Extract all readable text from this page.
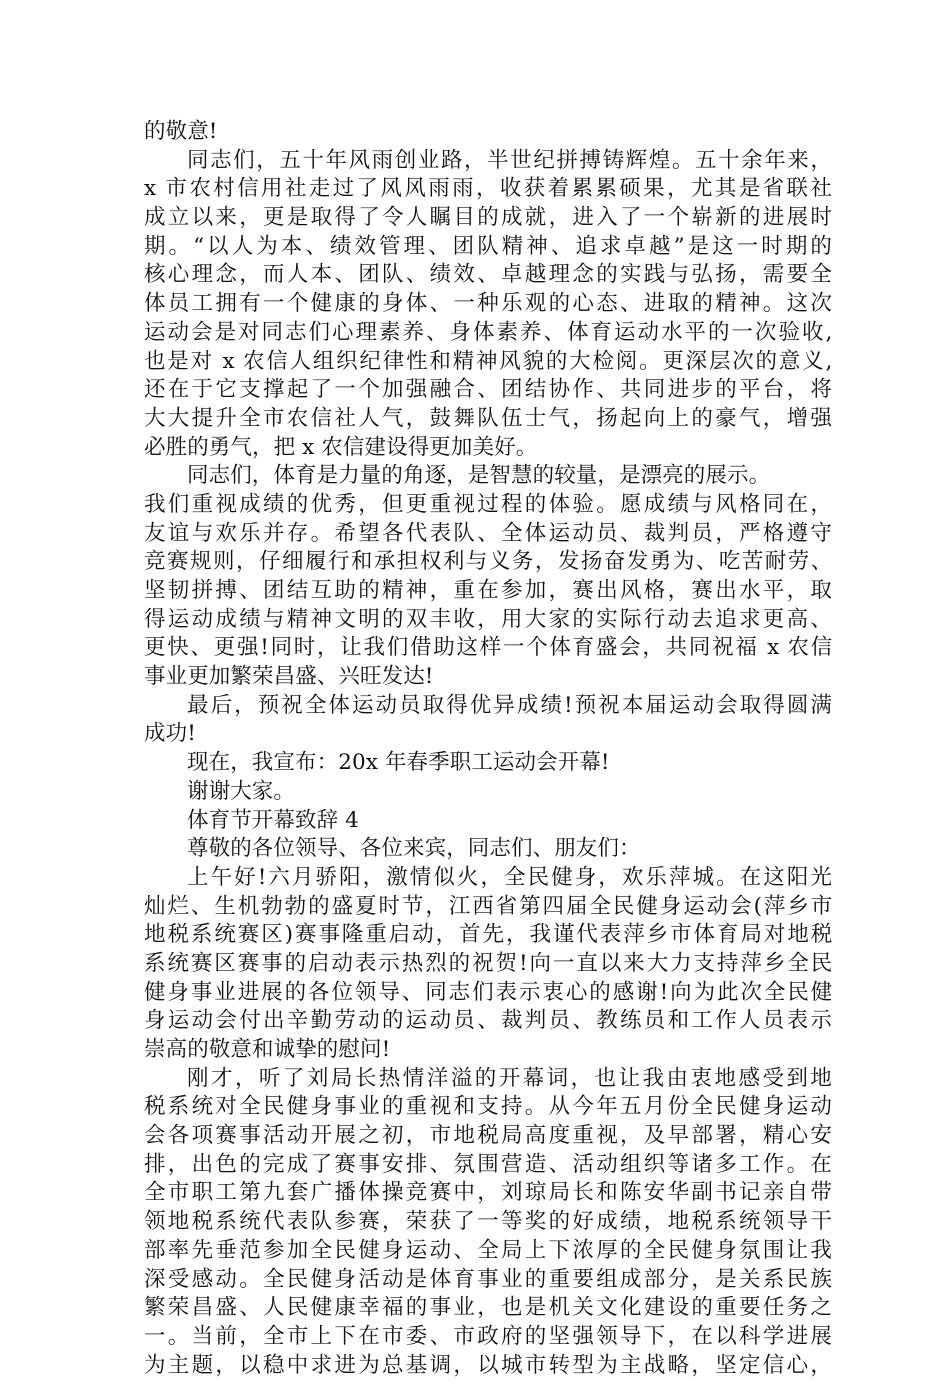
的敬意!
同志们，五十年风雨创业路，半世纪拼搏铸辉煌。五十余年来，
x 市农村信用社走过了风风雨雨，收获着累累硕果，尤其是省联社
成立以来，更是取得了令人瞩目的成就，进入了一个崭新的进展时
期。“以人为本、绩效管理、团队精神、追求卓越”是这一时期的
核心理念，而人本、团队、绩效、卓越理念的实践与弘扬，需要全
体员工拥有一个健康的身体、一种乐观的心态、进取的精神。这次
运动会是对同志们心理素养、身体素养、体育运动水平的一次验收,
也是对 x 农信人组织纪律性和精神风貌的大检阅。更深层次的意义,
还在于它支撑起了一个加强融合、团结协作、共同进步的平台，将
大大提升全市农信社人气，鼓舞队伍士气，扬起向上的豪气，增强
必胜的勇气，把 x 农信建设得更加美好。
同志们，体育是力量的角逐，是智慧的较量，是漂亮的展示。
我们重视成绩的优秀，但更重视过程的体验。愿成绩与风格同在，
友谊与欢乐并存。希望各代表队、全体运动员、裁判员，严格遵守
竞赛规则，仔细履行和承担权利与义务，发扬奋发勇为、吃苦耐劳、
坚韧拼搏、团结互助的精神，重在参加，赛出风格，赛出水平，取
得运动成绩与精神文明的双丰收，用大家的实际行动去追求更高、
更快、更强!同时，让我们借助这样一个体育盛会，共同祝福 x 农信
事业更加繁荣昌盛、兴旺发达!
最后，预祝全体运动员取得优异成绩!预祝本届运动会取得圆满
成功!
现在，我宣布：20x 年春季职工运动会开幕!
谢谢大家。
体育节开幕致辞 4
尊敬的各位领导、各位来宾，同志们、朋友们：
上午好!六月骄阳，激情似火，全民健身，欢乐萍城。在这阳光
灿烂、生机勃勃的盛夏时节，江西省第四届全民健身运动会(萍乡市
地税系统赛区)赛事隆重启动，首先，我谨代表萍乡市体育局对地税
系统赛区赛事的启动表示热烈的祝贺!向一直以来大力支持萍乡全民
健身事业进展的各位领导、同志们表示衷心的感谢!向为此次全民健
身运动会付出辛勤劳动的运动员、裁判员、教练员和工作人员表示
崇高的敬意和诚挚的慰问!
刚才，听了刘局长热情洋溢的开幕词，也让我由衷地感受到地
税系统对全民健身事业的重视和支持。从今年五月份全民健身运动
会各项赛事活动开展之初，市地税局高度重视，及早部署，精心安
排，出色的完成了赛事安排、氛围营造、活动组织等诸多工作。在
全市职工第九套广播体操竞赛中，刘琼局长和陈安华副书记亲自带
领地税系统代表队参赛，荣获了一等奖的好成绩，地税系统领导干
部率先垂范参加全民健身运动、全局上下浓厚的全民健身氛围让我
深受感动。全民健身活动是体育事业的重要组成部分，是关系民族
繁荣昌盛、人民健康幸福的事业，也是机关文化建设的重要任务之
一。当前，全市上下在市委、市政府的坚强领导下，在以科学进展
为主题，以稳中求进为总基调，以城市转型为主战略，坚定信心，
